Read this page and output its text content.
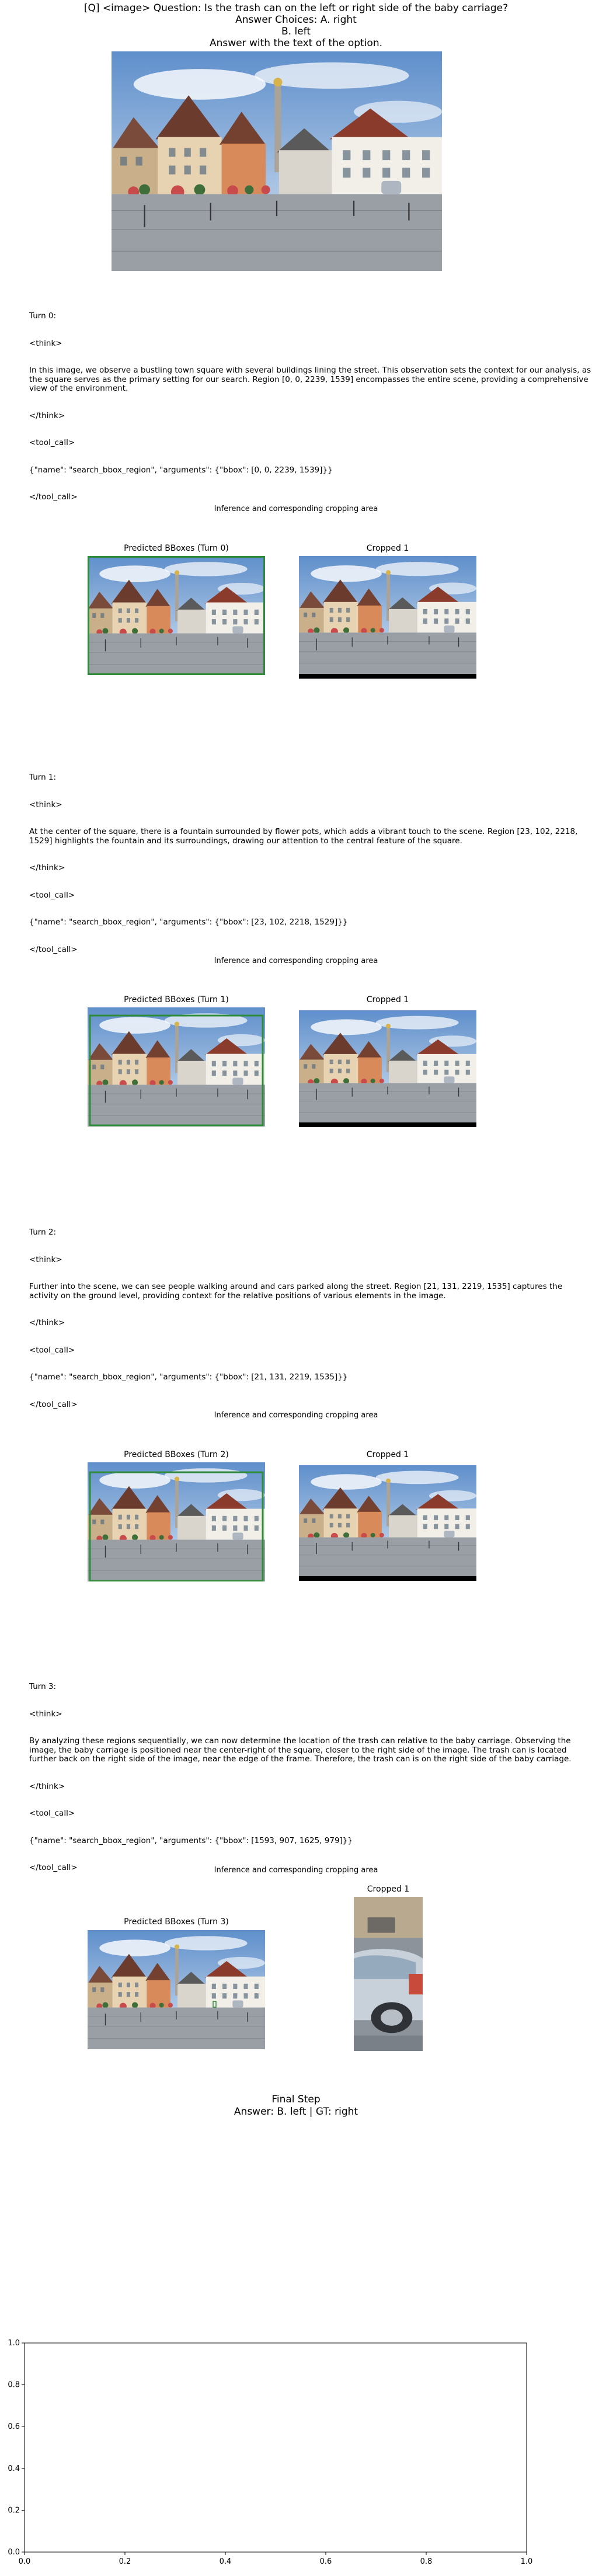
[Q] <image> Question: Is the trash can on the left or right side of the baby carriage?
Answer Choices: A. right
B. left
Answer with the text of the option.

Turn 0:

<think>

In this image, we observe a bustling town square with several buildings lining the street. This observation sets the context for our analysis, as the square serves as the primary setting for our search. Region [0, 0, 2239, 1539] encompasses the entire scene, providing a comprehensive view of the environment.

</think>

<tool_call>

{"name": "search_bbox_region", "arguments": {"bbox": [0, 0, 2239, 1539]}}

</tool_call>

Inference and corresponding cropping area
Predicted BBoxes (Turn 0)	Cropped 1

Turn 1:

<think>

At the center of the square, there is a fountain surrounded by flower pots, which adds a vibrant touch to the scene. Region [23, 102, 2218, 1529] highlights the fountain and its surroundings, drawing our attention to the central feature of the square.

</think>

<tool_call>

{"name": "search_bbox_region", "arguments": {"bbox": [23, 102, 2218, 1529]}}

</tool_call>

Inference and corresponding cropping area
Predicted BBoxes (Turn 1)	Cropped 1

Turn 2:

<think>

Further into the scene, we can see people walking around and cars parked along the street. Region [21, 131, 2219, 1535] captures the activity on the ground level, providing context for the relative positions of various elements in the image.

</think>

<tool_call>

{"name": "search_bbox_region", "arguments": {"bbox": [21, 131, 2219, 1535]}}

</tool_call>

Inference and corresponding cropping area
Predicted BBoxes (Turn 2)	Cropped 1

Turn 3:

<think>

By analyzing these regions sequentially, we can now determine the location of the trash can relative to the baby carriage. Observing the image, the baby carriage is positioned near the center-right of the square, closer to the right side of the image. The trash can is located further back on the right side of the image, near the edge of the frame. Therefore, the trash can is on the right side of the baby carriage.

</think>

<tool_call>

{"name": "search_bbox_region", "arguments": {"bbox": [1593, 907, 1625, 979]}}

</tool_call>	Inference and corresponding cropping area
Predicted BBoxes (Turn 3)
Cropped 1
Final Step
Answer: B. left | GT: right
0.0	0.2	0.4	0.6	0.8	1.0
0.0
0.2
0.4
0.6
0.8
1.0
